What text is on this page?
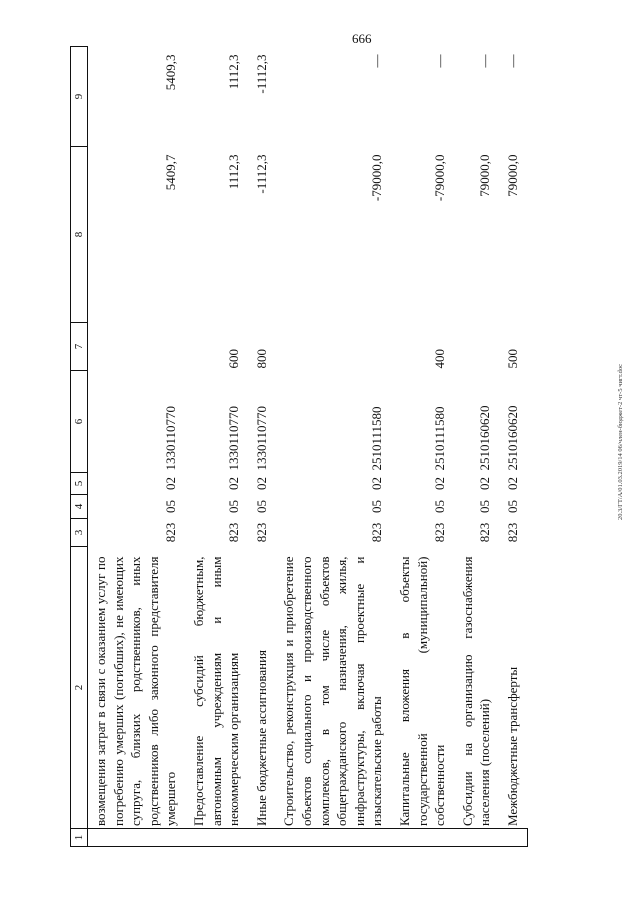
666
20.3/ГТ/А/01.03.2019/14 06/член-бюджет-2 чт-5 чигт.doc
1	2	3	4	5	6	7	8	9
	возмещения затрат в связи с оказанием услуг по погребению умерших (погибших), не имеющих супруга, близких родственников, иных родственников либо законного представителя умершего	823	05	02	1330110770		5409,7	5409,3
	Предоставление субсидий бюджетным, автономным учреждениям и иным некоммерческим организациям	823	05	02	1330110770	600	1112,3	1112,3
	Иные бюджетные ассигнования	823	05	02	1330110770	800	-1112,3	-1112,3
	Строительство, реконструкция и приобретение объектов социального и производственного комплексов, в том числе объектов общегражданского назначения, жилья, инфраструктуры, включая проектные и изыскательские работы	823	05	02	2510111580		-79000,0	—
	Капитальные вложения в объекты государственной (муниципальной) собственности	823	05	02	2510111580	400	-79000,0	—
	Субсидии на организацию газоснабжения населения (поселений)	823	05	02	2510160620		79000,0	—
	Межбюджетные трансферты	823	05	02	2510160620	500	79000,0	—
